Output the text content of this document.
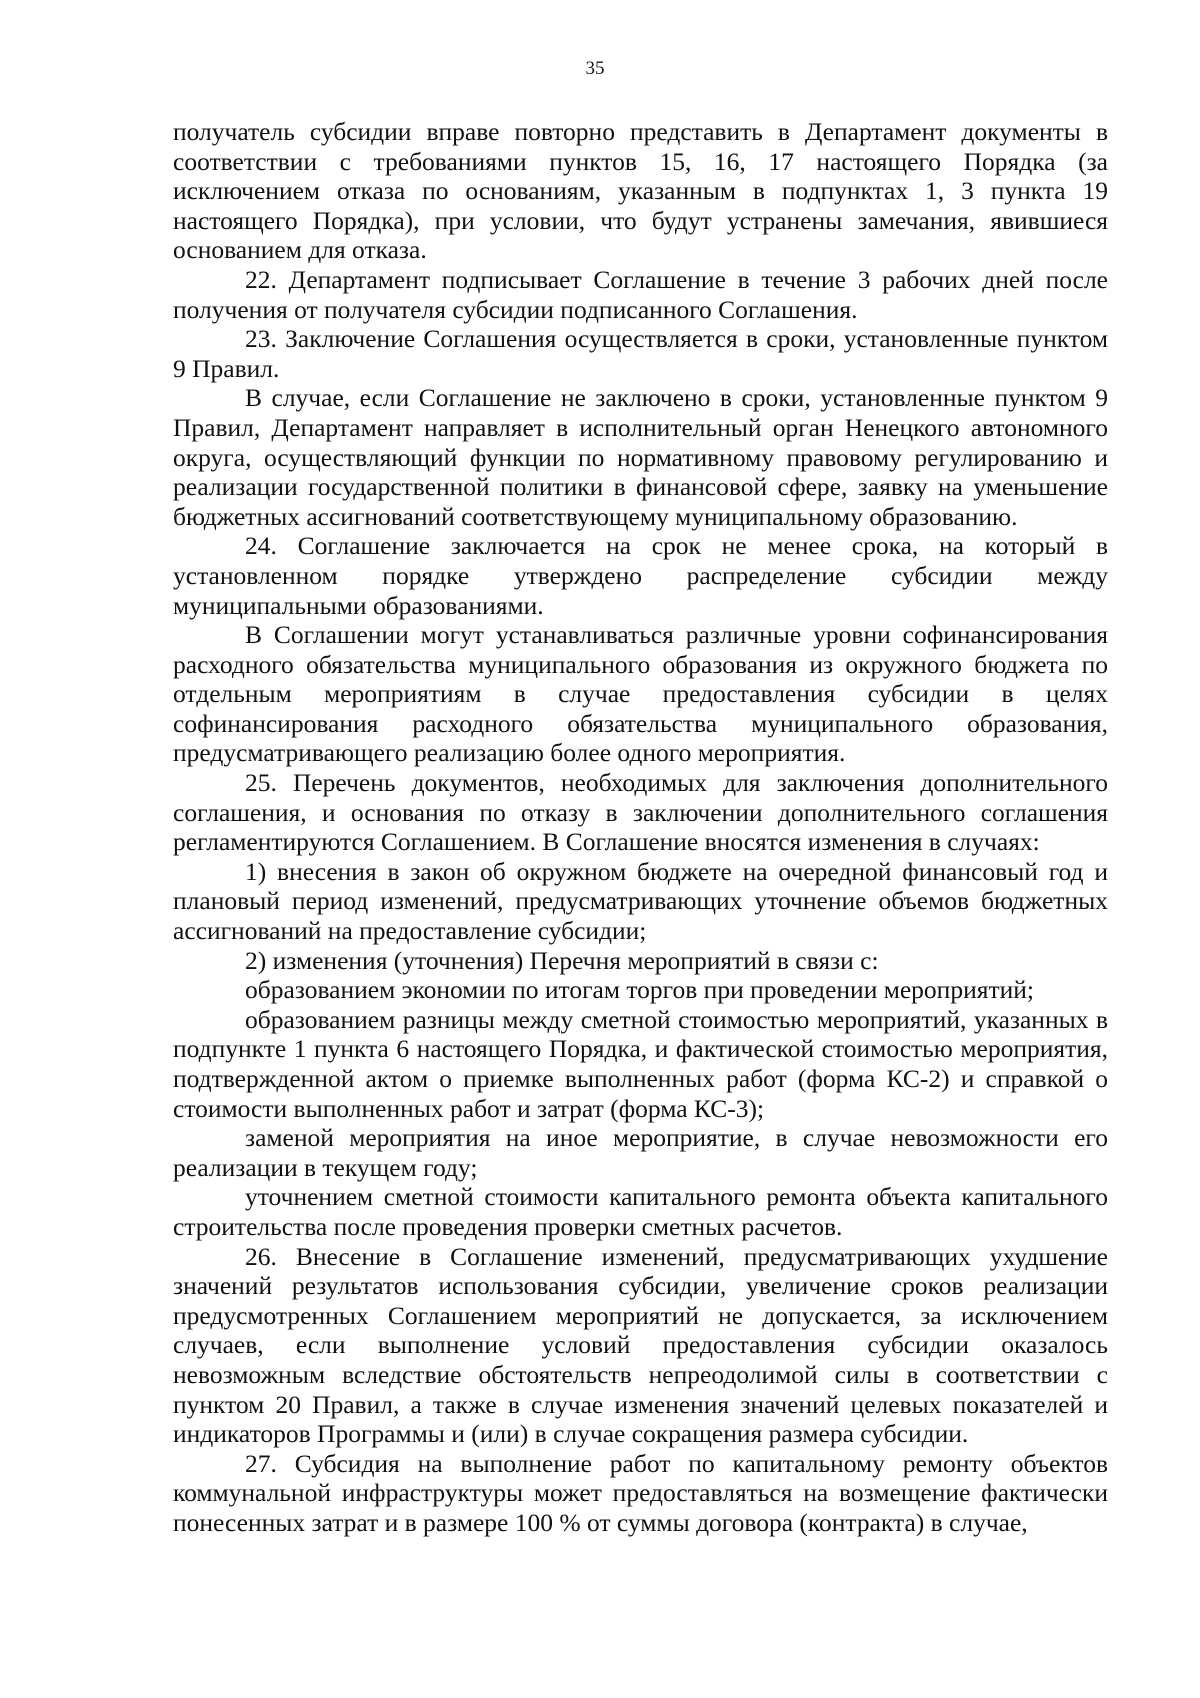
35

получатель субсидии вправе повторно представить в Департамент документы в соответствии с требованиями пунктов 15, 16, 17 настоящего Порядка (за исключением отказа по основаниям, указанным в подпунктах 1, 3 пункта 19 настоящего Порядка), при условии, что будут устранены замечания, явившиеся основанием для отказа.

22. Департамент подписывает Соглашение в течение 3 рабочих дней после получения от получателя субсидии подписанного Соглашения.

23. Заключение Соглашения осуществляется в сроки, установленные пунктом 9 Правил.

В случае, если Соглашение не заключено в сроки, установленные пунктом 9 Правил, Департамент направляет в исполнительный орган Ненецкого автономного округа, осуществляющий функции по нормативному правовому регулированию и реализации государственной политики в финансовой сфере, заявку на уменьшение бюджетных ассигнований соответствующему муниципальному образованию.

24. Соглашение заключается на срок не менее срока, на который в установленном порядке утверждено распределение субсидии между муниципальными образованиями.

В Соглашении могут устанавливаться различные уровни софинансирования расходного обязательства муниципального образования из окружного бюджета по отдельным мероприятиям в случае предоставления субсидии в целях софинансирования расходного обязательства муниципального образования, предусматривающего реализацию более одного мероприятия.

25. Перечень документов, необходимых для заключения дополнительного соглашения, и основания по отказу в заключении дополнительного соглашения регламентируются Соглашением. В Соглашение вносятся изменения в случаях:

1) внесения в закон об окружном бюджете на очередной финансовый год и плановый период изменений, предусматривающих уточнение объемов бюджетных ассигнований на предоставление субсидии;

2) изменения (уточнения) Перечня мероприятий в связи с:

образованием экономии по итогам торгов при проведении мероприятий;

образованием разницы между сметной стоимостью мероприятий, указанных в подпункте 1 пункта 6 настоящего Порядка, и фактической стоимостью мероприятия, подтвержденной актом о приемке выполненных работ (форма КС-2) и справкой о стоимости выполненных работ и затрат (форма КС-3);

заменой мероприятия на иное мероприятие, в случае невозможности его реализации в текущем году;

уточнением сметной стоимости капитального ремонта объекта капитального строительства после проведения проверки сметных расчетов.

26. Внесение в Соглашение изменений, предусматривающих ухудшение значений результатов использования субсидии, увеличение сроков реализации предусмотренных Соглашением мероприятий не допускается, за исключением случаев, если выполнение условий предоставления субсидии оказалось невозможным вследствие обстоятельств непреодолимой силы в соответствии с пунктом 20 Правил, а также в случае изменения значений целевых показателей и индикаторов Программы и (или) в случае сокращения размера субсидии.

27. Субсидия на выполнение работ по капитальному ремонту объектов коммунальной инфраструктуры может предоставляться на возмещение фактически понесенных затрат и в размере 100 % от суммы договора (контракта) в случае,
